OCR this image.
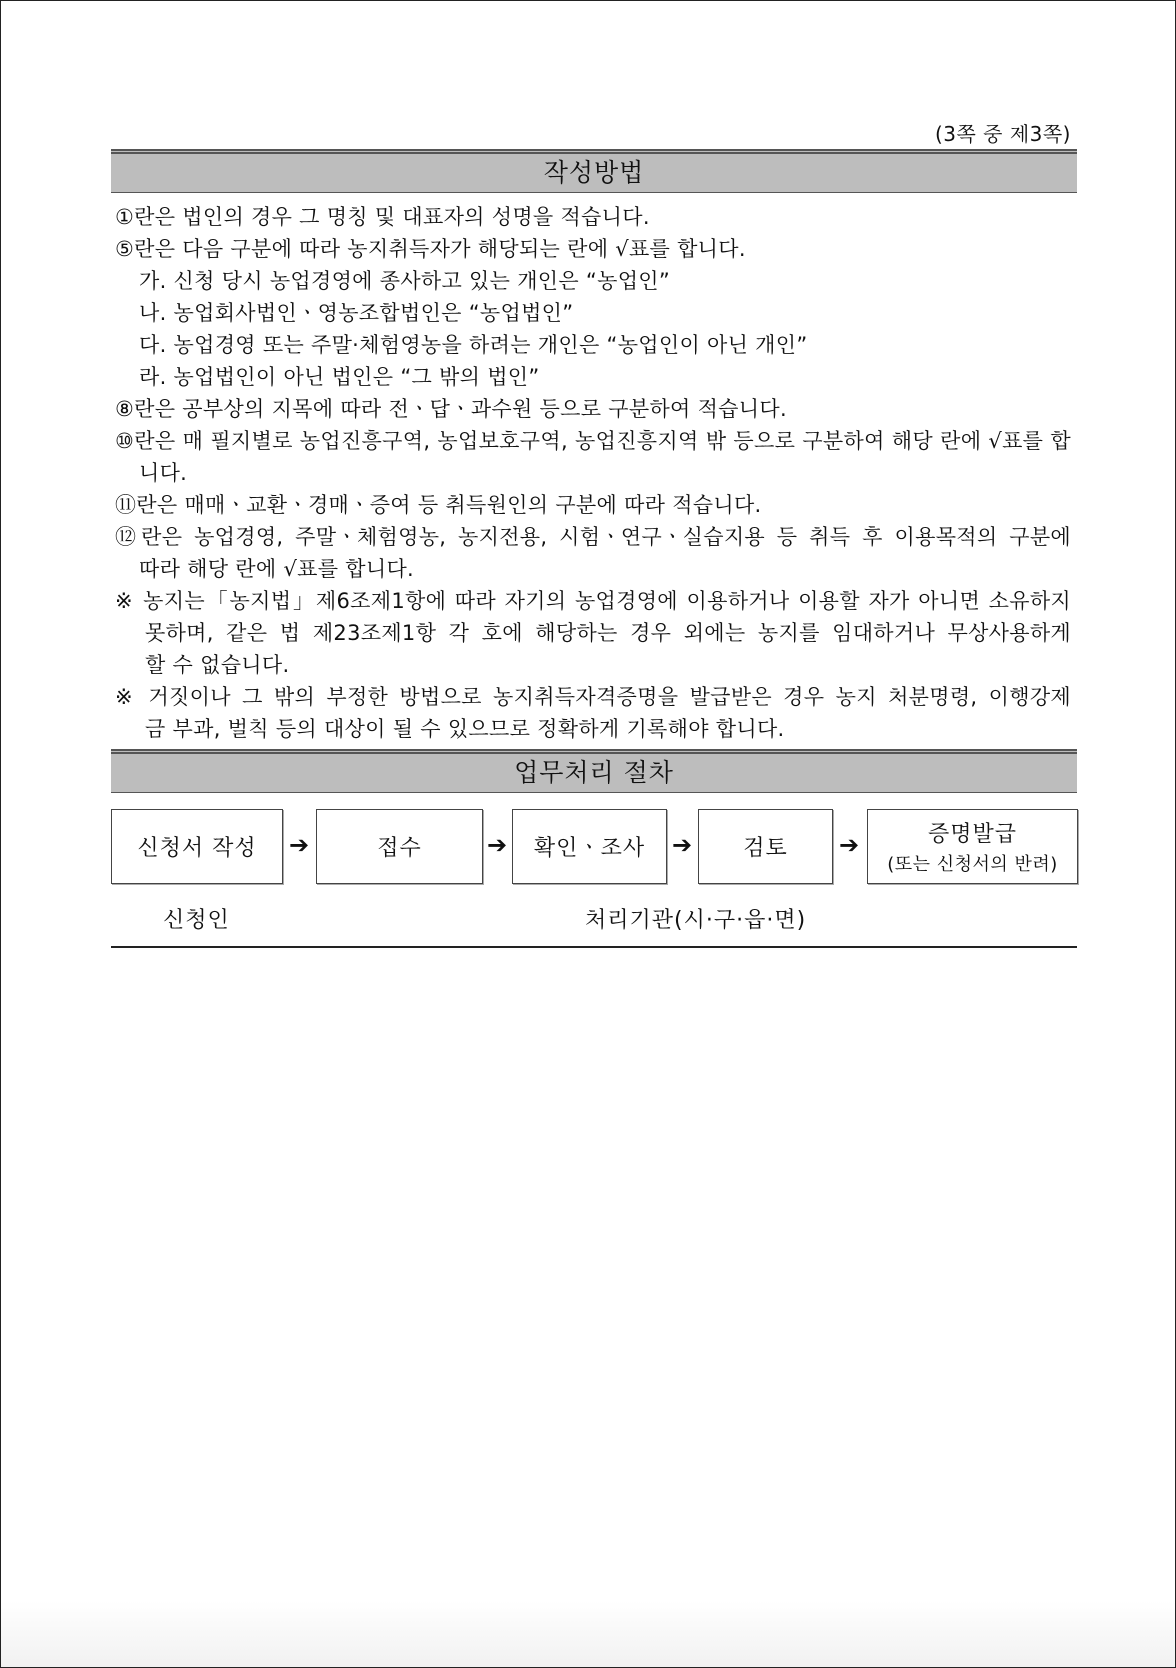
(3쪽 중 제3쪽)
작성방법
①란은 법인의 경우 그 명칭 및 대표자의 성명을 적습니다.
⑤란은 다음 구분에 따라 농지취득자가 해당되는 란에 √표를 합니다.
가. 신청 당시 농업경영에 종사하고 있는 개인은 “농업인”
나. 농업회사법인ㆍ영농조합법인은 “농업법인”
다. 농업경영 또는 주말·체험영농을 하려는 개인은 “농업인이 아닌 개인”
라. 농업법인이 아닌 법인은 “그 밖의 법인”
⑧란은 공부상의 지목에 따라 전ㆍ답ㆍ과수원 등으로 구분하여 적습니다.
⑩란은 매 필지별로 농업진흥구역, 농업보호구역, 농업진흥지역 밖 등으로 구분하여 해당 란에 √표를 합
니다.
⑪란은 매매ㆍ교환ㆍ경매ㆍ증여 등 취득원인의 구분에 따라 적습니다.
⑫란은 농업경영, 주말ㆍ체험영농, 농지전용, 시험ㆍ연구ㆍ실습지용 등 취득 후 이용목적의 구분에
따라 해당 란에 √표를 합니다.
※ 농지는「농지법」제6조제1항에 따라 자기의 농업경영에 이용하거나 이용할 자가 아니면 소유하지
못하며, 같은 법 제23조제1항 각 호에 해당하는 경우 외에는 농지를 임대하거나 무상사용하게
할 수 없습니다.
※ 거짓이나 그 밖의 부정한 방법으로 농지취득자격증명을 발급받은 경우 농지 처분명령, 이행강제
금 부과, 벌칙 등의 대상이 될 수 있으므로 정확하게 기록해야 합니다.
업무처리 절차
신청서 작성 ➔	접수	➔ 확인ㆍ조사 ➔ 검토 ➔	증명발급
(또는 신청서의 반려)
신청인	처리기관(시·구·읍·면)
